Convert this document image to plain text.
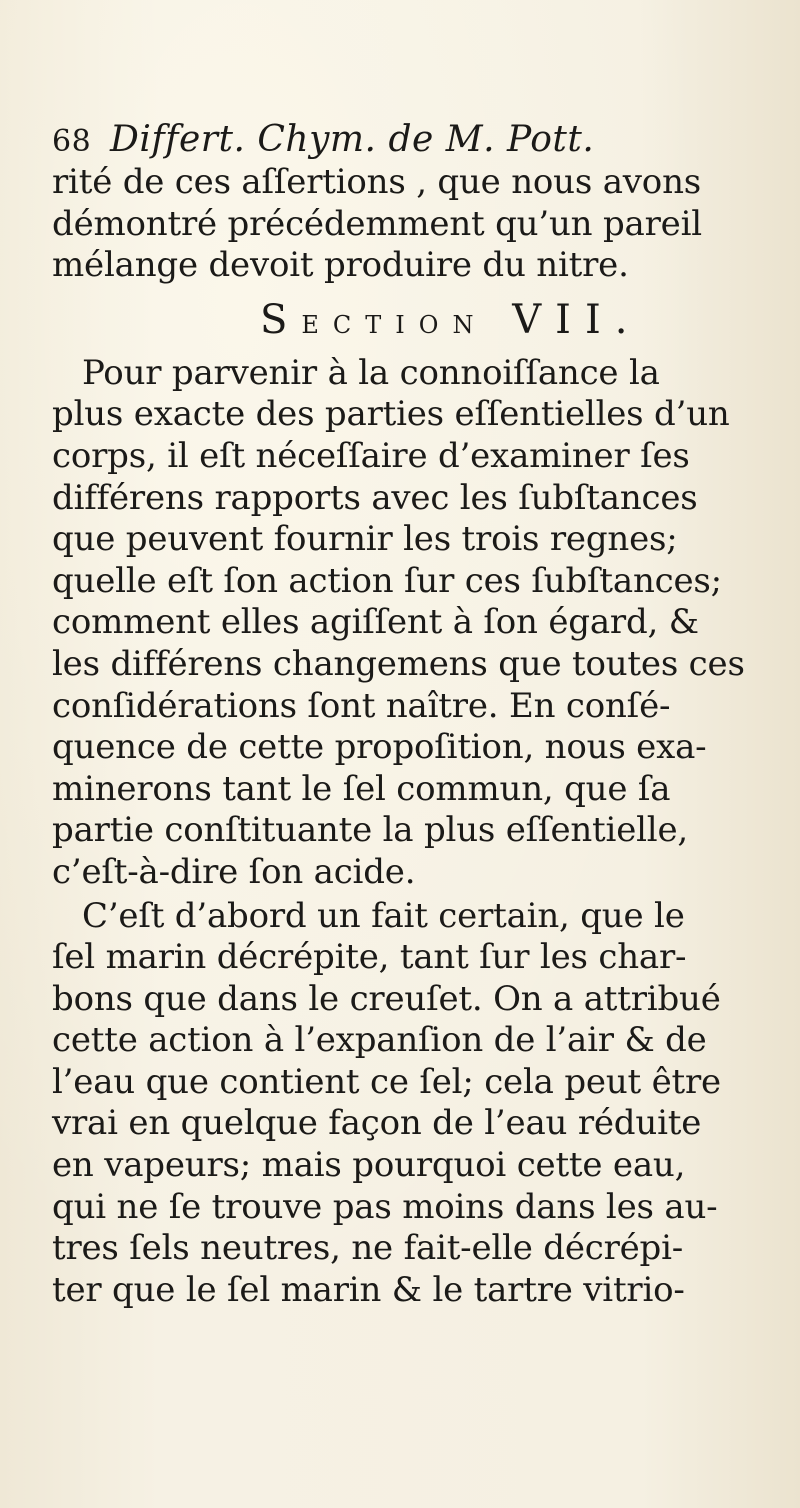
68 Differt. Chym. de M. Pott.
rité de ces aſſertions , que nous avons
démontré précédemment qu’un pareil
mélange devoit produire du nitre.
SECTION VII.
Pour parvenir à la connoiſſance la
plus exacte des parties eſſentielles d’un
corps, il eſt néceſſaire d’examiner ſes
différens rapports avec les ſubſtances
que peuvent fournir les trois regnes;
quelle eſt ſon action ſur ces ſubſtances;
comment elles agiſſent à ſon égard, &
les différens changemens que toutes ces
conſidérations ſont naître. En conſé-
quence de cette propoſition, nous exa-
minerons tant le ſel commun, que ſa
partie conſtituante la plus eſſentielle,
c’eſt-à-dire ſon acide.
C’eſt d’abord un fait certain, que le
ſel marin décrépite, tant ſur les char-
bons que dans le creuſet. On a attribué
cette action à l’expanſion de l’air & de
l’eau que contient ce ſel; cela peut être
vrai en quelque façon de l’eau réduite
en vapeurs; mais pourquoi cette eau,
qui ne ſe trouve pas moins dans les au-
tres ſels neutres, ne fait-elle décrépi-
ter que le ſel marin & le tartre vitrio-
